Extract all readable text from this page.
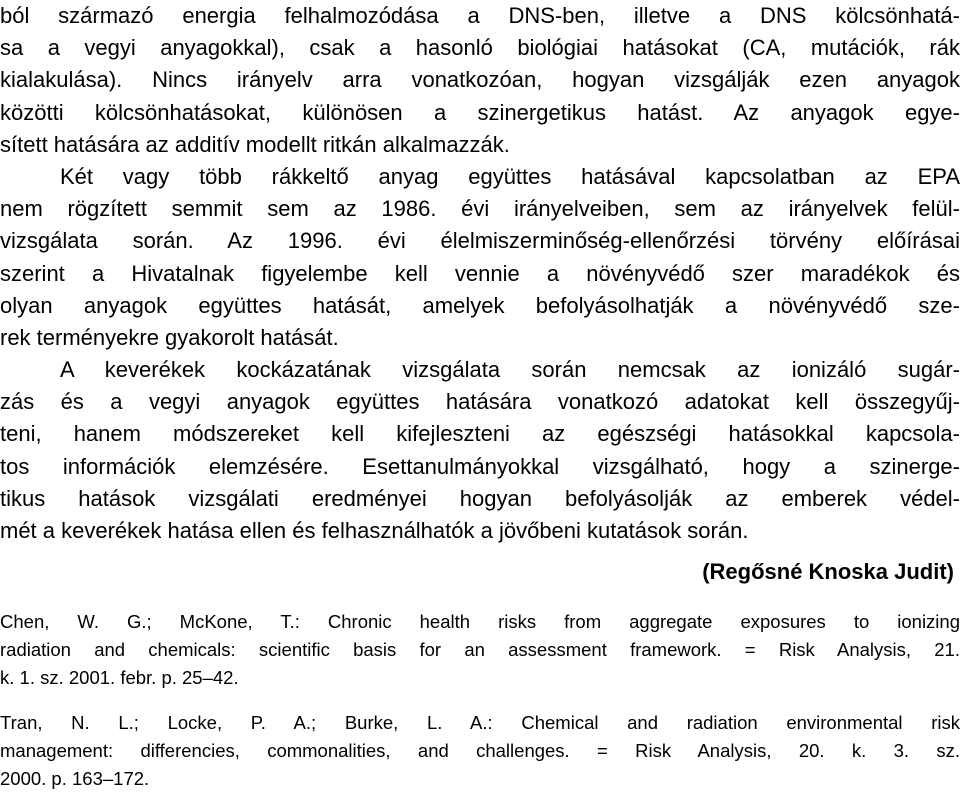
ból származó energia felhalmozódása a DNS-ben, illetve a DNS kölcsönhatá-
sa a vegyi anyagokkal), csak a hasonló biológiai hatásokat (CA, mutációk, rák
kialakulása). Nincs irányelv arra vonatkozóan, hogyan vizsgálják ezen anyagok
közötti kölcsönhatásokat, különösen a szinergetikus hatást. Az anyagok egye-
sített hatására az additív modellt ritkán alkalmazzák.
Két vagy több rákkeltő anyag együttes hatásával kapcsolatban az EPA
nem rögzített semmit sem az 1986. évi irányelveiben, sem az irányelvek felül-
vizsgálata során. Az 1996. évi élelmiszerminőség-ellenőrzési törvény előírásai
szerint a Hivatalnak figyelembe kell vennie a növényvédő szer maradékok és
olyan anyagok együttes hatását, amelyek befolyásolhatják a növényvédő sze-
rek terményekre gyakorolt hatását.
A keverékek kockázatának vizsgálata során nemcsak az ionizáló sugár-
zás és a vegyi anyagok együttes hatására vonatkozó adatokat kell összegyűj-
teni, hanem módszereket kell kifejleszteni az egészségi hatásokkal kapcsola-
tos információk elemzésére. Esettanulmányokkal vizsgálható, hogy a szinerge-
tikus hatások vizsgálati eredményei hogyan befolyásolják az emberek védel-
mét a keverékek hatása ellen és felhasználhatók a jövőbeni kutatások során.
(Regősné Knoska Judit)
Chen, W. G.; McKone, T.: Chronic health risks from aggregate exposures to ionizing
radiation and chemicals: scientific basis for an assessment framework. = Risk Analysis, 21.
k. 1. sz. 2001. febr. p. 25–42.
Tran, N. L.; Locke, P. A.; Burke, L. A.: Chemical and radiation environmental risk
management: differencies, commonalities, and challenges. = Risk Analysis, 20. k. 3. sz.
2000. p. 163–172.
